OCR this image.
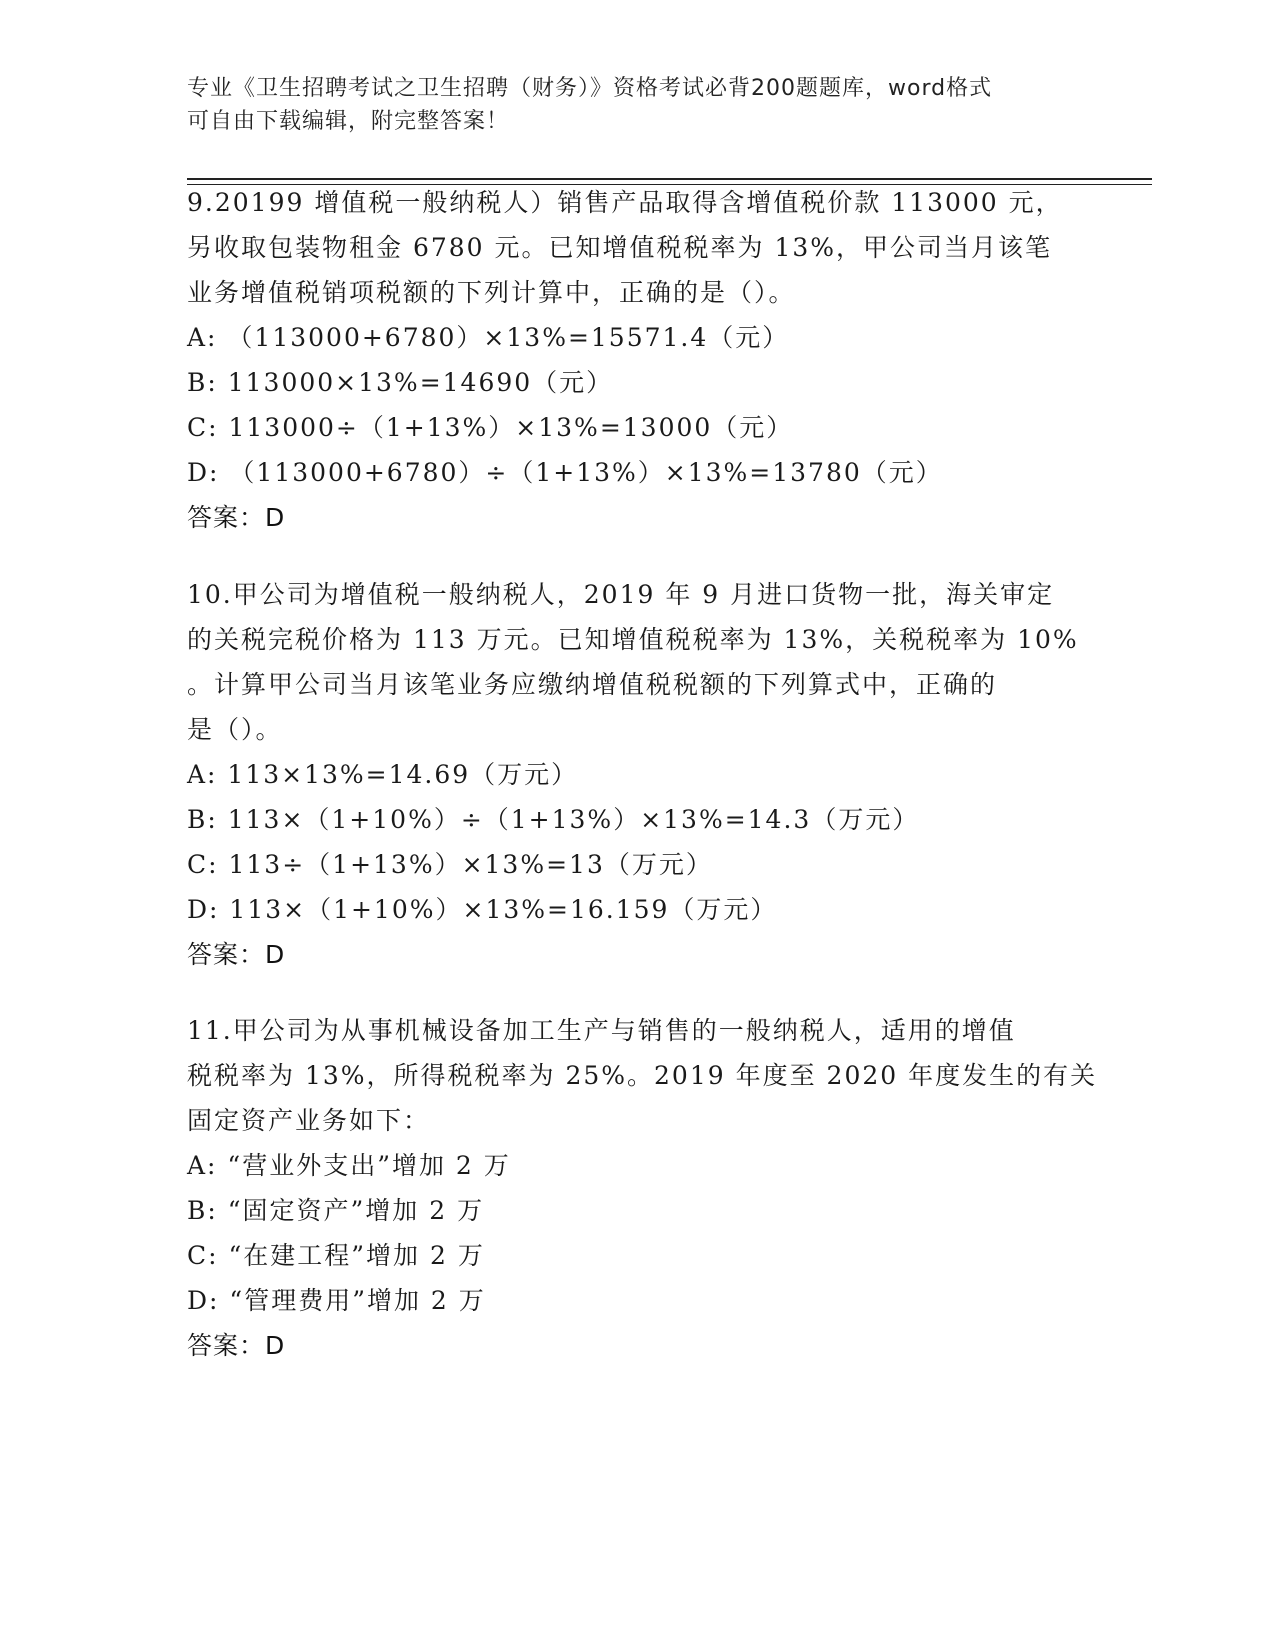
专业《卫生招聘考试之卫生招聘（财务）》资格考试必背200题题库，word格式
可自由下载编辑，附完整答案！
9.20199 增值税一般纳税人）销售产品取得含增值税价款 113000 元，
另收取包装物租金 6780 元。已知增值税税率为 13%，甲公司当月该笔
业务增值税销项税额的下列计算中，正确的是（）。
A: （113000+6780）×13%=15571.4（元）
B: 113000×13%=14690（元）
C: 113000÷（1+13%）×13%=13000（元）
D: （113000+6780）÷（1+13%）×13%=13780（元）
答案：D
10.甲公司为增值税一般纳税人，2019 年 9 月进口货物一批，海关审定
的关税完税价格为 113 万元。已知增值税税率为 13%，关税税率为 10%
。计算甲公司当月该笔业务应缴纳增值税税额的下列算式中，正确的
是（）。
A: 113×13%=14.69（万元）
B: 113×（1+10%）÷（1+13%）×13%=14.3（万元）
C: 113÷（1+13%）×13%=13（万元）
D: 113×（1+10%）×13%=16.159（万元）
答案：D
11.甲公司为从事机械设备加工生产与销售的一般纳税人，适用的增值
税税率为 13%，所得税税率为 25%。2019 年度至 2020 年度发生的有关
固定资产业务如下：
A: “营业外支出”增加 2 万
B: “固定资产”增加 2 万
C: “在建工程”增加 2 万
D: “管理费用”增加 2 万
答案：D
